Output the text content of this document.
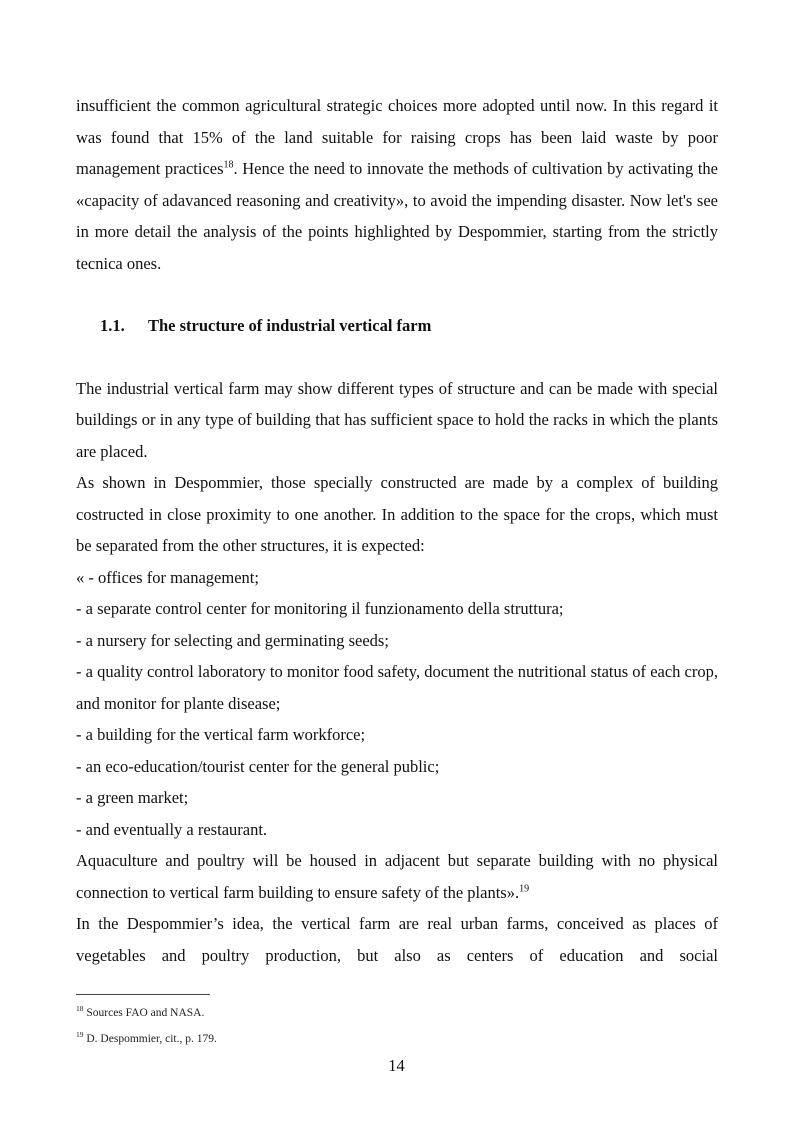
insufficient the common agricultural strategic choices more adopted until now. In this regard it was found that 15% of the land suitable for raising crops has been laid waste by poor management practices$^{18}$. Hence the need to innovate the methods of cultivation by activating the «capacity of adavanced reasoning and creativity», to avoid the impending disaster. Now let's see in more detail the analysis of the points highlighted by Despommier, starting from the strictly tecnica ones.

1.1.	The structure of industrial vertical farm

The industrial vertical farm may show different types of structure and can be made with special buildings or in any type of building that has sufficient space to hold the racks in which the plants are placed.

As shown in Despommier, those specially constructed are made by a complex of building costructed in close proximity to one another. In addition to the space for the crops, which must be separated from the other structures, it is expected:

« - offices for management;

- a separate control center for monitoring il funzionamento della struttura;

- a nursery for selecting and germinating seeds;

- a quality control laboratory to monitor food safety, document the nutritional status of each crop, and monitor for plante disease;

- a building for the vertical farm workforce;

- an eco-education/tourist center for the general public;

- a green market;

- and eventually a restaurant.

Aquaculture and poultry will be housed in adjacent but separate building with no physical connection to vertical farm building to ensure safety of the plants».$^{19}$

In the Despommier’s idea, the vertical farm are real urban farms, conceived as places of vegetables and poultry production, but also as centers of education and social

$^{18}$ Sources FAO and NASA.
$^{19}$ D. Despommier, cit., p. 179.
14
